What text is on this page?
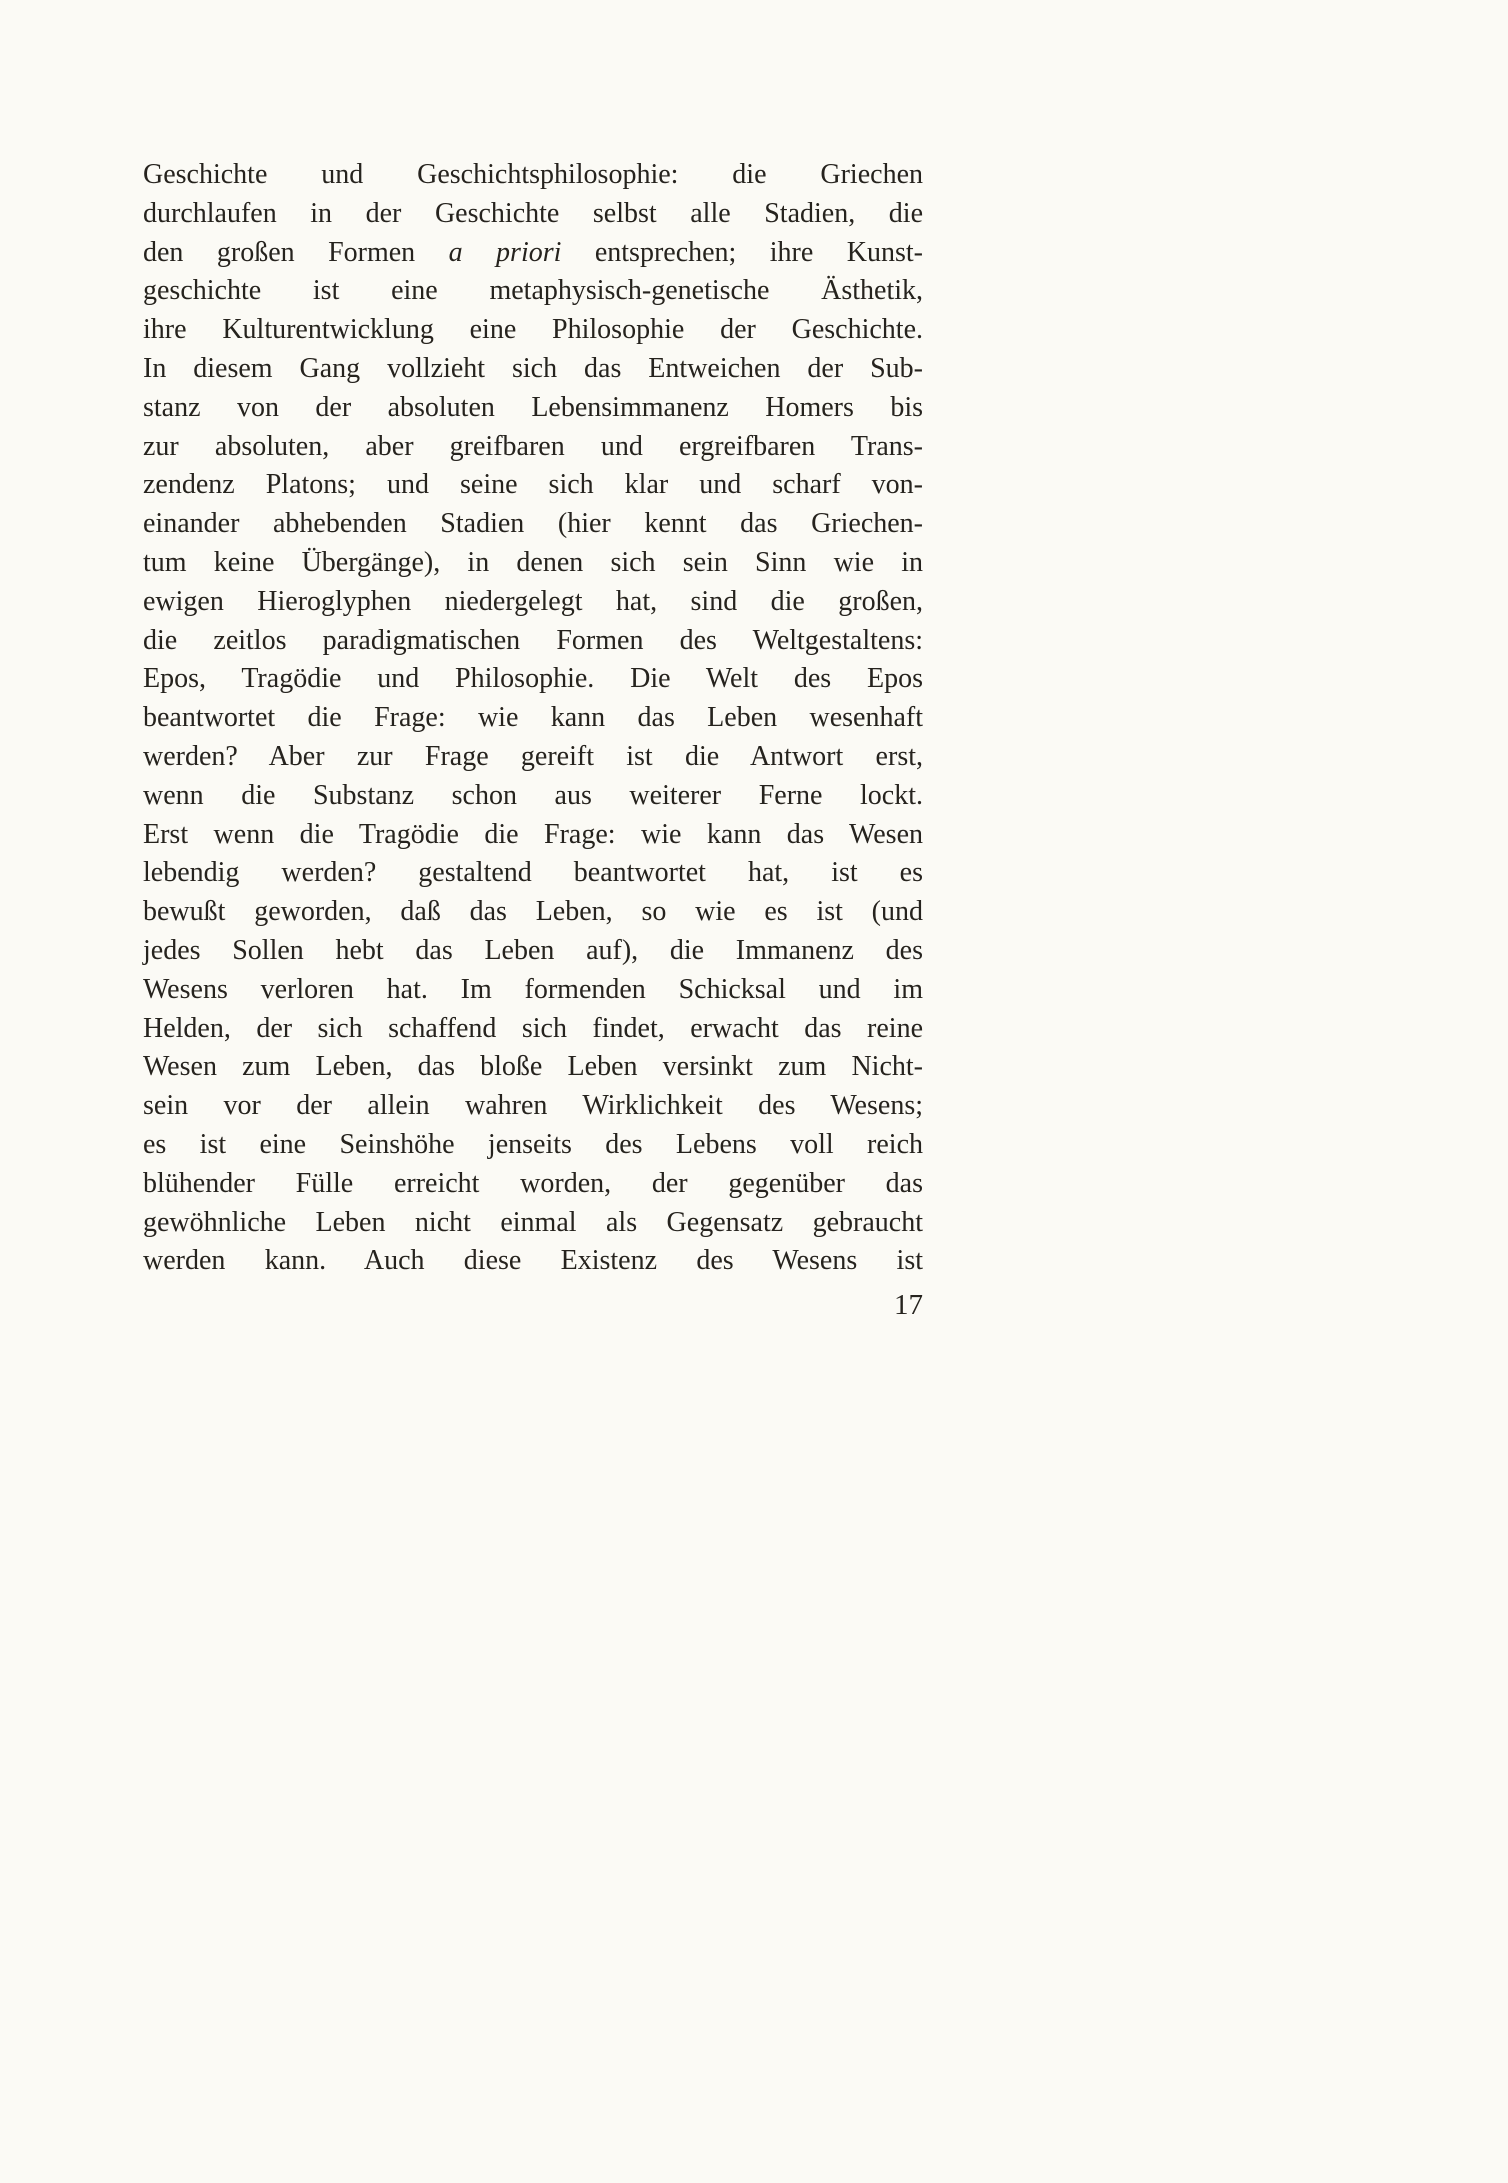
Geschichte und Geschichtsphilosophie: die Griechen
durchlaufen in der Geschichte selbst alle Stadien, die
den großen Formen a priori entsprechen; ihre Kunst-
geschichte ist eine metaphysisch-genetische Ästhetik,
ihre Kulturentwicklung eine Philosophie der Geschichte.
In diesem Gang vollzieht sich das Entweichen der Sub-
stanz von der absoluten Lebensimmanenz Homers bis
zur absoluten, aber greifbaren und ergreifbaren Trans-
zendenz Platons; und seine sich klar und scharf von-
einander abhebenden Stadien (hier kennt das Griechen-
tum keine Übergänge), in denen sich sein Sinn wie in
ewigen Hieroglyphen niedergelegt hat, sind die großen,
die zeitlos paradigmatischen Formen des Weltgestaltens:
Epos, Tragödie und Philosophie. Die Welt des Epos
beantwortet die Frage: wie kann das Leben wesenhaft
werden? Aber zur Frage gereift ist die Antwort erst,
wenn die Substanz schon aus weiterer Ferne lockt.
Erst wenn die Tragödie die Frage: wie kann das Wesen
lebendig werden? gestaltend beantwortet hat, ist es
bewußt geworden, daß das Leben, so wie es ist (und
jedes Sollen hebt das Leben auf), die Immanenz des
Wesens verloren hat. Im formenden Schicksal und im
Helden, der sich schaffend sich findet, erwacht das reine
Wesen zum Leben, das bloße Leben versinkt zum Nicht-
sein vor der allein wahren Wirklichkeit des Wesens;
es ist eine Seinshöhe jenseits des Lebens voll reich
blühender Fülle erreicht worden, der gegenüber das
gewöhnliche Leben nicht einmal als Gegensatz gebraucht
werden kann. Auch diese Existenz des Wesens ist
17
